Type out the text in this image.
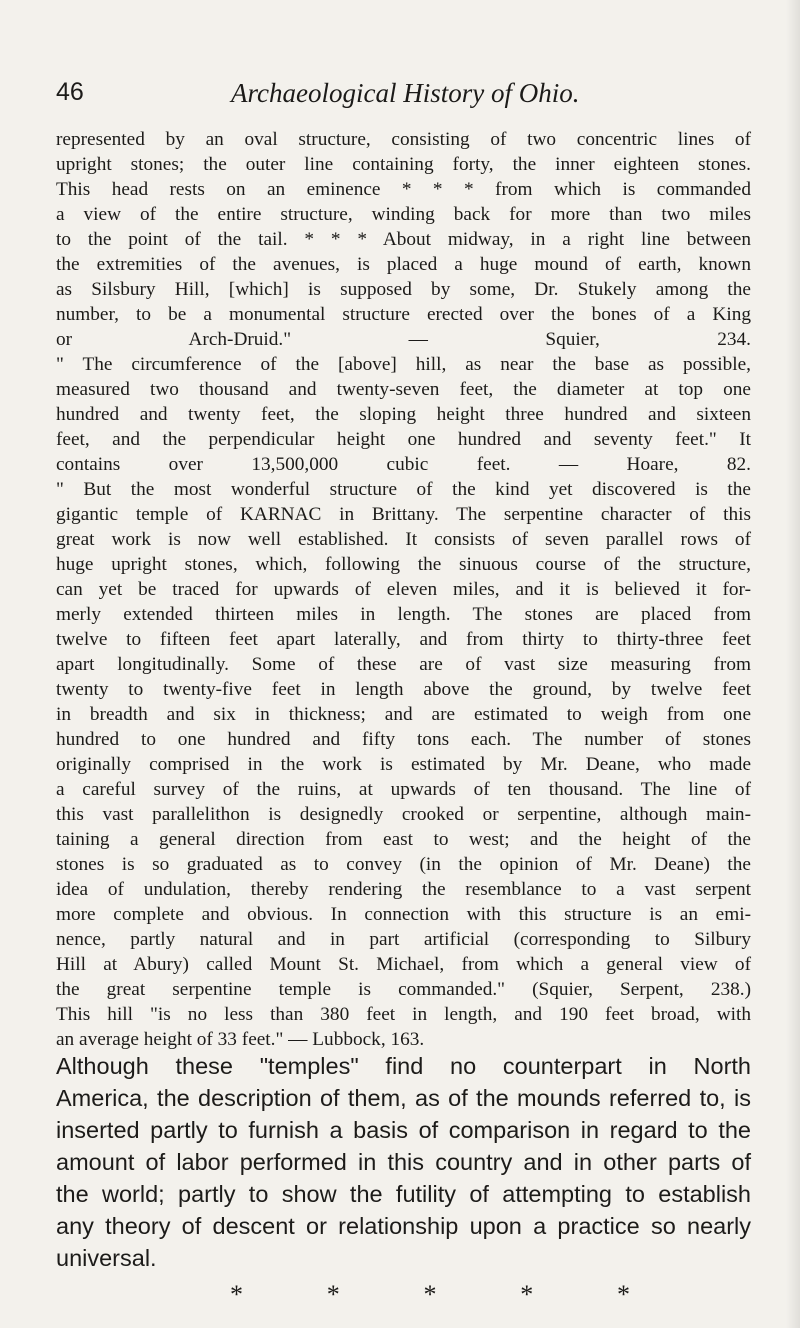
46	Archaeological History of Ohio.
represented by an oval structure, consisting of two concentric lines of
upright stones; the outer line containing forty, the inner eighteen stones.
This head rests on an eminence * * * from which is commanded
a view of the entire structure, winding back for more than two miles
to the point of the tail. * * * About midway, in a right line between
the extremities of the avenues, is placed a huge mound of earth, known
as Silsbury Hill, [which] is supposed by some, Dr. Stukely among the
number, to be a monumental structure erected over the bones of a King
or Arch-Druid." — Squier, 234.
" The circumference of the [above] hill, as near the base as possible,
measured two thousand and twenty-seven feet, the diameter at top one
hundred and twenty feet, the sloping height three hundred and sixteen
feet, and the perpendicular height one hundred and seventy feet." It
contains over 13,500,000 cubic feet. — Hoare, 82.
" But the most wonderful structure of the kind yet discovered is the
gigantic temple of KARNAC in Brittany. The serpentine character of this
great work is now well established. It consists of seven parallel rows of
huge upright stones, which, following the sinuous course of the structure,
can yet be traced for upwards of eleven miles, and it is believed it for-
merly extended thirteen miles in length. The stones are placed from
twelve to fifteen feet apart laterally, and from thirty to thirty-three feet
apart longitudinally. Some of these are of vast size measuring from
twenty to twenty-five feet in length above the ground, by twelve feet
in breadth and six in thickness; and are estimated to weigh from one
hundred to one hundred and fifty tons each. The number of stones
originally comprised in the work is estimated by Mr. Deane, who made
a careful survey of the ruins, at upwards of ten thousand. The line of
this vast parallelithon is designedly crooked or serpentine, although main-
taining a general direction from east to west; and the height of the
stones is so graduated as to convey (in the opinion of Mr. Deane) the
idea of undulation, thereby rendering the resemblance to a vast serpent
more complete and obvious. In connection with this structure is an emi-
nence, partly natural and in part artificial (corresponding to Silbury
Hill at Abury) called Mount St. Michael, from which a general view of
the great serpentine temple is commanded." (Squier, Serpent, 238.)
This hill "is no less than 380 feet in length, and 190 feet broad, with
an average height of 33 feet." — Lubbock, 163.
Although these "temples" find no counterpart in North
America, the description of them, as of the mounds referred to, is
inserted partly to furnish a basis of comparison in regard to the
amount of labor performed in this country and in other parts of
the world; partly to show the futility of attempting to establish
any theory of descent or relationship upon a practice so nearly
universal.
*	*	*	*	*
